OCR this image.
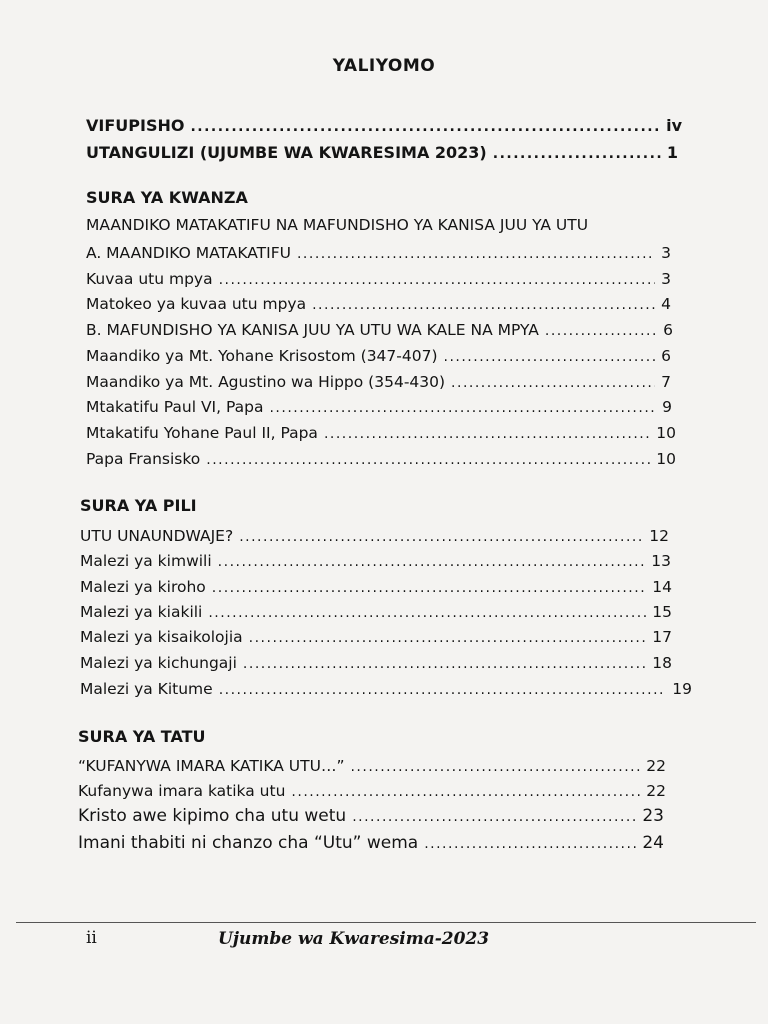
YALIYOMO
VIFUPISHO .....	iv
UTANGULIZI (UJUMBE WA KWARESIMA 2023) .....	1
SURA YA KWANZA
MAANDIKO MATAKATIFU NA MAFUNDISHO YA KANISA JUU YA UTU
A. MAANDIKO MATAKATIFU .....	3
Kuvaa utu mpya .....	3
Matokeo ya kuvaa utu mpya .....	4
B. MAFUNDISHO YA KANISA JUU YA UTU WA KALE NA MPYA .....	6
Maandiko ya Mt. Yohane Krisostom (347-407) .....	6
Maandiko ya Mt. Agustino wa Hippo (354-430) .....	7
Mtakatifu Paul VI, Papa .....	9
Mtakatifu Yohane Paul II, Papa .....	10
Papa Fransisko .....	10
SURA YA PILI
UTU UNAUNDWAJE? .....	12
Malezi ya kimwili .....	13
Malezi ya kiroho .....	14
Malezi ya kiakili .....	15
Malezi ya kisaikolojia .....	17
Malezi ya kichungaji .....	18
Malezi ya Kitume .....	19
SURA YA TATU
“KUFANYWA IMARA KATIKA UTU…” .....	22
Kufanywa imara katika utu .....	22
Kristo awe kipimo cha utu wetu .....	23
Imani thabiti ni chanzo cha “Utu” wema .....	24
ii	Ujumbe wa Kwaresima-2023
